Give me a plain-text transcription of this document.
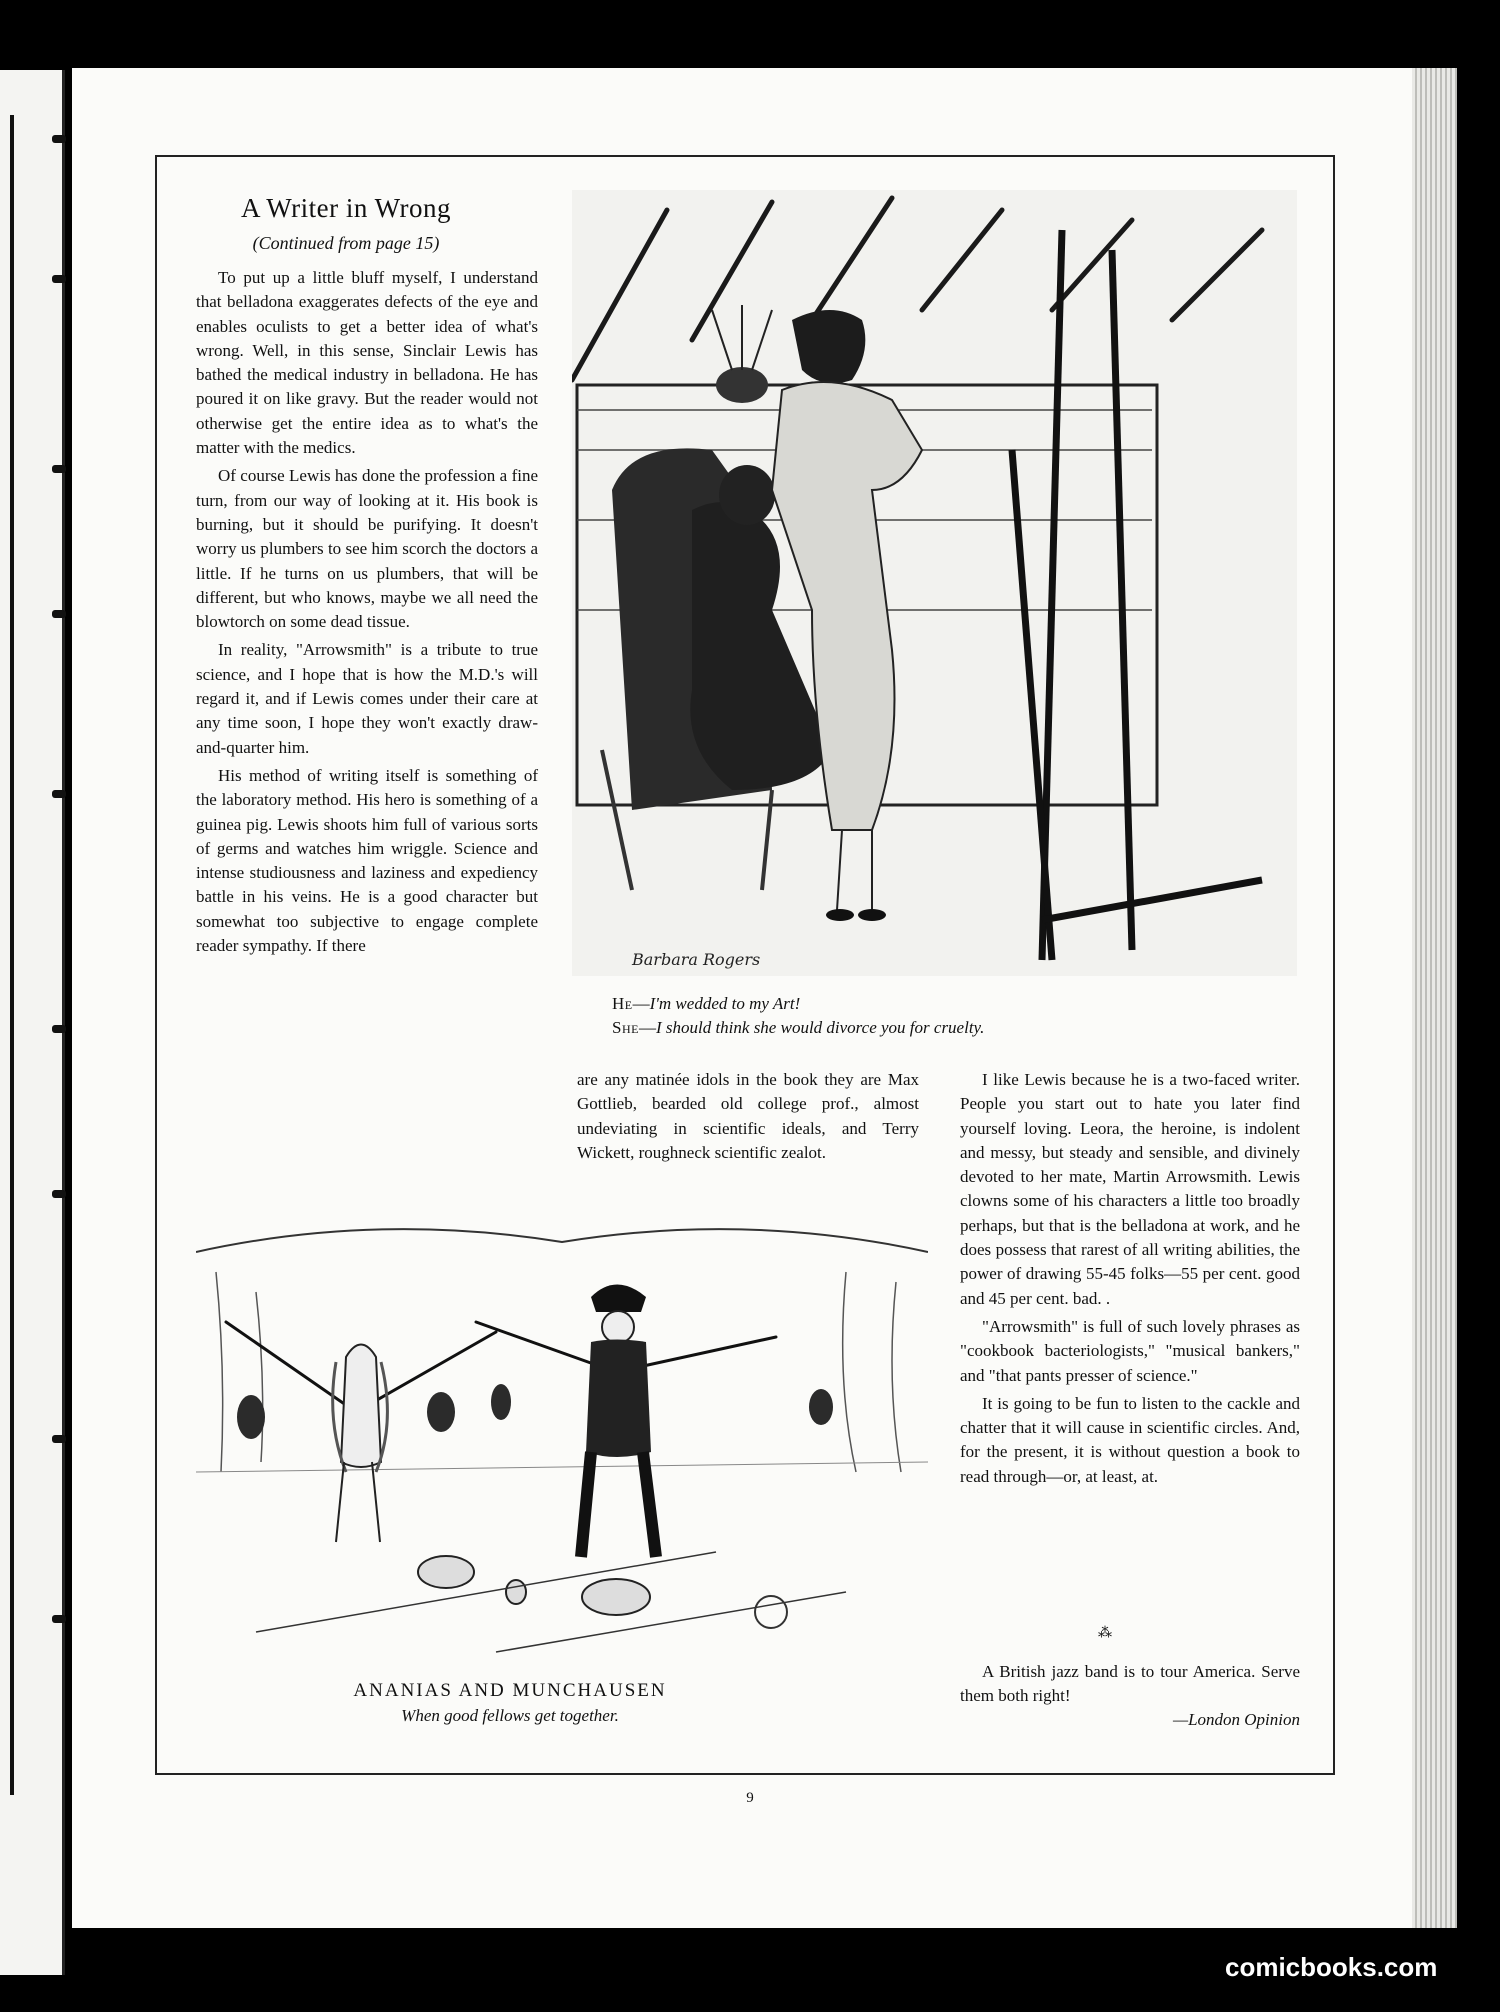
A Writer in Wrong
(Continued from page 15)

To put up a little bluff myself, I understand that belladona exaggerates defects of the eye and enables oculists to get a better idea of what's wrong. Well, in this sense, Sinclair Lewis has bathed the medical industry in belladona. He has poured it on like gravy. But the reader would not otherwise get the entire idea as to what's the matter with the medics.

Of course Lewis has done the profession a fine turn, from our way of looking at it. His book is burning, but it should be purifying. It doesn't worry us plumbers to see him scorch the doctors a little. If he turns on us plumbers, that will be different, but who knows, maybe we all need the blowtorch on some dead tissue.

In reality, "Arrowsmith" is a tribute to true science, and I hope that is how the M.D.'s will regard it, and if Lewis comes under their care at any time soon, I hope they won't exactly draw-and-quarter him.

His method of writing itself is something of the laboratory method. His hero is something of a guinea pig. Lewis shoots him full of various sorts of germs and watches him wriggle. Science and intense studiousness and laziness and expediency battle in his veins. He is a good character but somewhat too subjective to engage complete reader sympathy. If there

Barbara Rogers
He—I'm wedded to my Art!
She—I should think she would divorce you for cruelty.

are any matinée idols in the book they are Max Gottlieb, bearded old college prof., almost undeviating in scientific ideals, and Terry Wickett, roughneck scientific zealot.

I like Lewis because he is a two-faced writer. People you start out to hate you later find yourself loving. Leora, the heroine, is indolent and messy, but steady and sensible, and divinely devoted to her mate, Martin Arrowsmith. Lewis clowns some of his characters a little too broadly perhaps, but that is the belladona at work, and he does possess that rarest of all writing abilities, the power of drawing 55-45 folks—55 per cent. good and 45 per cent. bad. .

"Arrowsmith" is full of such lovely phrases as "cookbook bacteriologists," "musical bankers," and "that pants presser of science."

It is going to be fun to listen to the cackle and chatter that it will cause in scientific circles. And, for the present, it is without question a book to read through—or, at least, at.

ANANIAS AND MUNCHAUSEN
When good fellows get together.
⁂

A British jazz band is to tour America. Serve them both right!

—London Opinion

9
comicbooks.com
